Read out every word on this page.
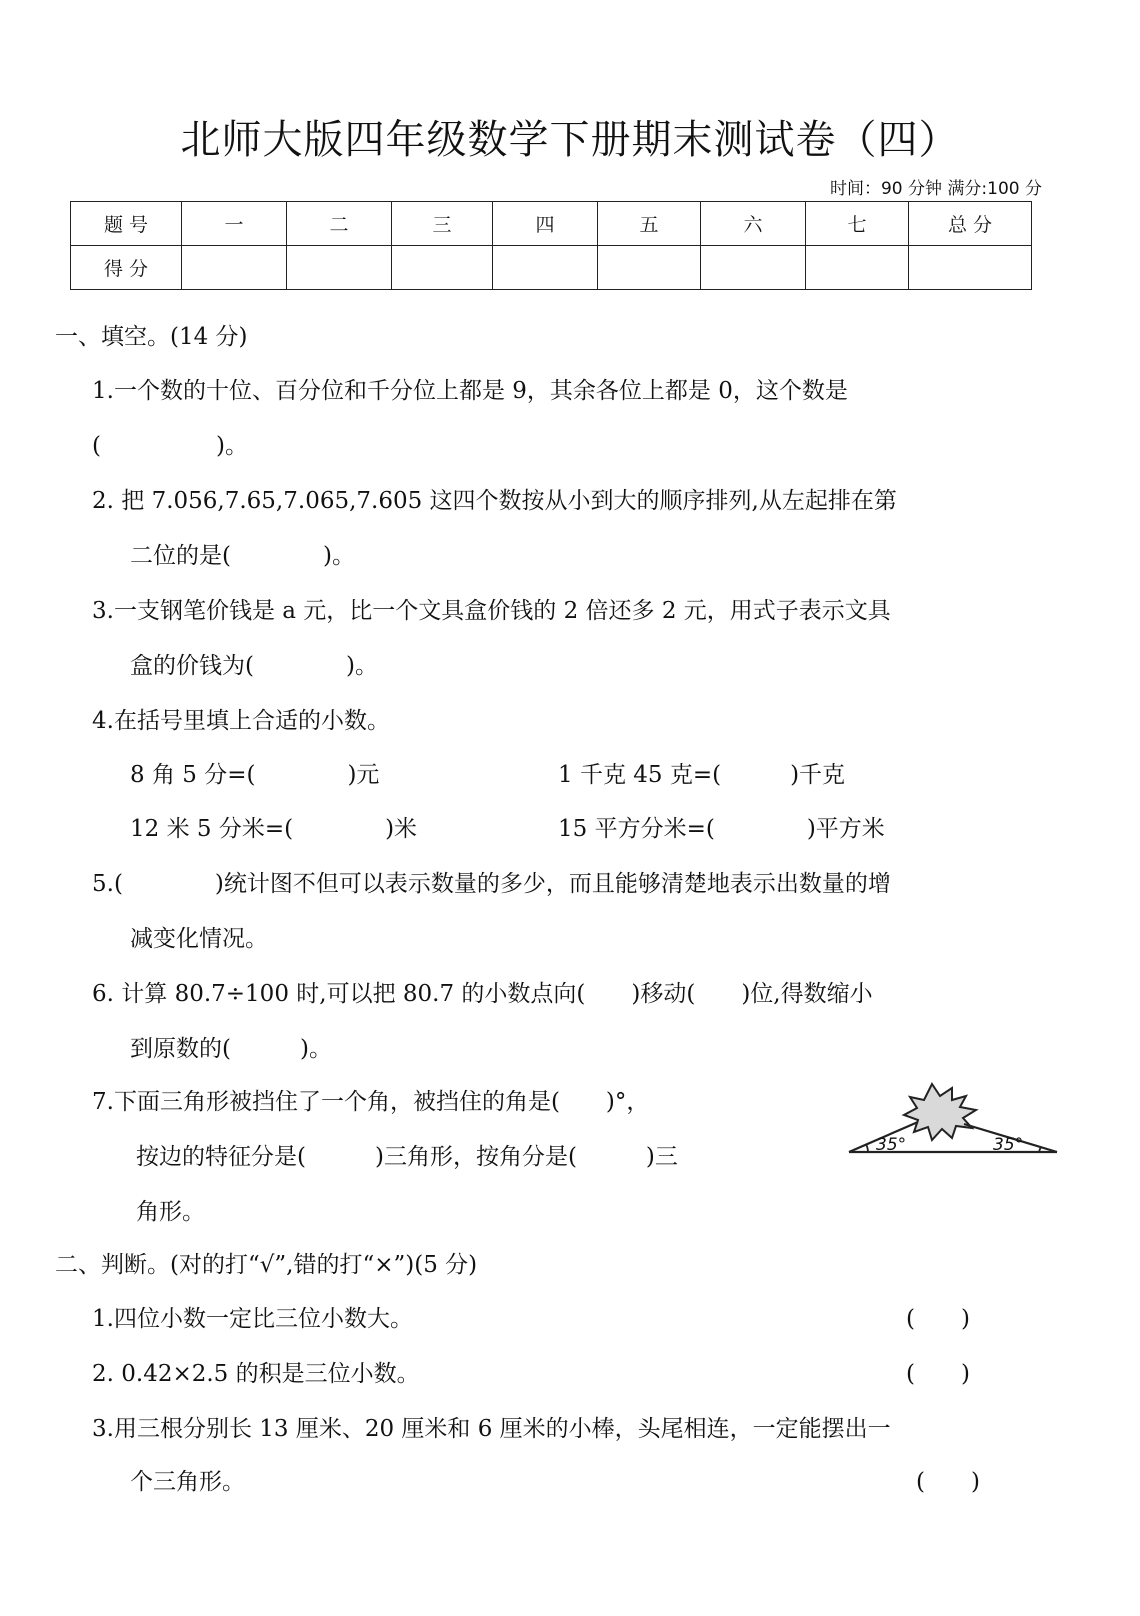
北师大版四年级数学下册期末测试卷（四）
时间：90 分钟 满分:100 分
题 号	一	二	三	四	五	六	七	总 分
得 分								
一、填空。(14 分)
1.一个数的十位、百分位和千分位上都是 9，其余各位上都是 0，这个数是
(　　　　　)。
2. 把 7.056,7.65,7.065,7.605 这四个数按从小到大的顺序排列,从左起排在第
二位的是(　　　　)。
3.一支钢笔价钱是 a 元，比一个文具盒价钱的 2 倍还多 2 元，用式子表示文具
盒的价钱为(　　　　)。
4.在括号里填上合适的小数。
8 角 5 分=(　　　　)元	1 千克 45 克=(　　　)千克
12 米 5 分米=(　　　　)米	15 平方分米=(　　　　)平方米
5.(　　　　)统计图不但可以表示数量的多少，而且能够清楚地表示出数量的增
减变化情况。
6. 计算 80.7÷100 时,可以把 80.7 的小数点向(　　)移动(　　)位,得数缩小
到原数的(　　　)。
7.下面三角形被挡住了一个角，被挡住的角是(　　)°，
按边的特征分是(　　　)三角形，按角分是(　　　)三
角形。
35°	35°
二、判断。(对的打“√”,错的打“×”)(5 分)
1.四位小数一定比三位小数大。	(　　)
2. 0.42×2.5 的积是三位小数。	(　　)
3.用三根分别长 13 厘米、20 厘米和 6 厘米的小棒，头尾相连，一定能摆出一
个三角形。	(　　)
